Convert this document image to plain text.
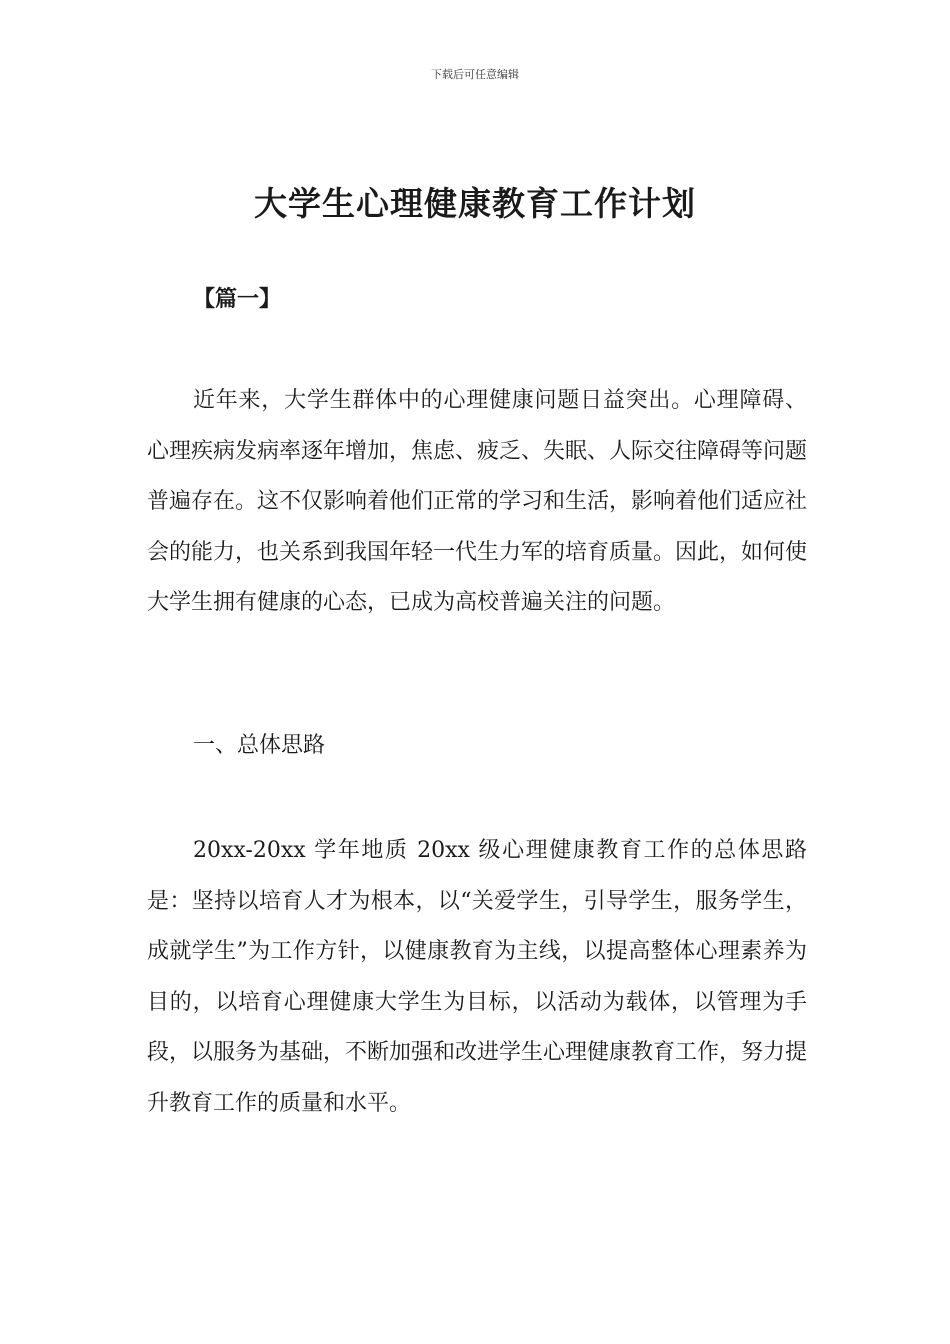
下载后可任意编辑
大学生心理健康教育工作计划
【篇一】

近年来，大学生群体中的心理健康问题日益突出。心理障碍、心理疾病发病率逐年增加，焦虑、疲乏、失眠、人际交往障碍等问题普遍存在。这不仅影响着他们正常的学习和生活，影响着他们适应社会的能力，也关系到我国年轻一代生力军的培育质量。因此，如何使大学生拥有健康的心态，已成为高校普遍关注的问题。

一、总体思路

20xx-20xx 学年地质 20xx 级心理健康教育工作的总体思路是：坚持以培育人才为根本，以“关爱学生，引导学生，服务学生，成就学生”为工作方针，以健康教育为主线，以提高整体心理素养为目的，以培育心理健康大学生为目标，以活动为载体，以管理为手段，以服务为基础，不断加强和改进学生心理健康教育工作，努力提升教育工作的质量和水平。
